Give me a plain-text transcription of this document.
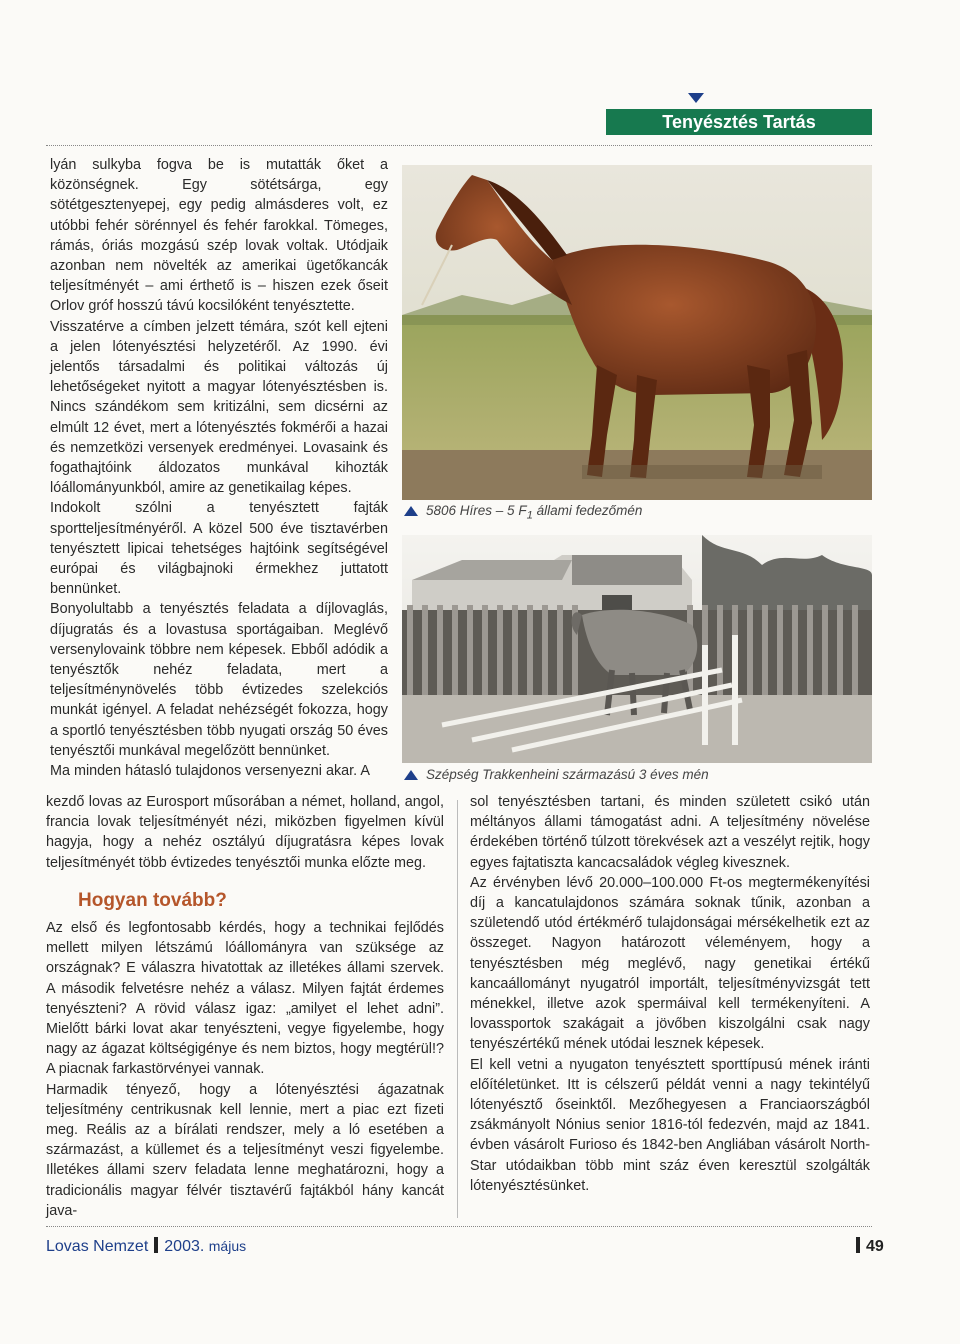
Tenyésztés Tartás

lyán sulkyba fogva be is mutatták őket a közönségnek. Egy sötétsárga, egy sötétgesztenyepej, egy pedig almásderes volt, ez utóbbi fehér sörénnyel és fehér farokkal. Tömeges, rámás, óriás mozgású szép lovak voltak. Utódjaik azonban nem növelték az amerikai ügetőkancák teljesítményét – ami érthető is – hiszen ezek őseit Orlov gróf hosszú távú kocsilóként tenyésztette.

Visszatérve a címben jelzett témára, szót kell ejteni a jelen lótenyésztési helyzetéről. Az 1990. évi jelentős társadalmi és politikai változás új lehetőségeket nyitott a magyar lótenyésztésben is. Nincs szándékom sem kritizálni, sem dicsérni az elmúlt 12 évet, mert a lótenyésztés fokmérői a hazai és nemzetközi versenyek eredményei. Lovasaink és fogathajtóink áldozatos munkával kihozták lóállományunkból, amire az genetikailag képes.

Indokolt szólni a tenyésztett fajták sportteljesítményéről. A közel 500 éve tisztavérben tenyésztett lipicai tehetséges hajtóink segítségével európai és világbajnoki érmekhez juttatott bennünket.

Bonyolultabb a tenyésztés feladata a díjlovaglás, díjugratás és a lovastusa sportágaiban. Meglévő versenylovaink többre nem képesek. Ebből adódik a tenyésztők nehéz feladata, mert a teljesítménynövelés több évtizedes szelekciós munkát igényel. A feladat nehézségét fokozza, hogy a sportló tenyésztésben több nyugati ország 50 éves tenyésztői munkával megelőzött bennünket.

Ma minden hátasló tulajdonos versenyezni akar. A

5806 Híres – 5 $F_1$ állami fedezőmén
Szépség Trakkenheini származású 3 éves mén

kezdő lovas az Eurosport műsorában a német, holland, angol, francia lovak teljesítményét nézi, miközben figyelmen kívül hagyja, hogy a nehéz osztályú díjugratásra képes lovak teljesítményét több évtizedes tenyésztői munka előzte meg.

Hogyan tovább?

Az első és legfontosabb kérdés, hogy a technikai fejlődés mellett milyen létszámú lóállományra van szüksége az országnak? E válaszra hivatottak az illetékes állami szervek. A második felvetésre nehéz a válasz. Milyen fajtát érdemes tenyészteni? A rövid válasz igaz: „amilyet el lehet adni”. Mielőtt bárki lovat akar tenyészteni, vegye figyelembe, hogy nagy az ágazat költségigénye és nem biztos, hogy megtérül!? A piacnak farkastörvényei vannak.

Harmadik tényező, hogy a lótenyésztési ágazatnak teljesítmény centrikusnak kell lennie, mert a piac ezt fizeti meg. Reális az a bírálati rendszer, mely a ló esetében a származást, a küllemet és a teljesítményt veszi figyelembe. Illetékes állami szerv feladata lenne meghatározni, hogy a tradicionális magyar félvér tisztavérű fajtákból hány kancát java-

sol tenyésztésben tartani, és minden született csikó után méltányos állami támogatást adni. A teljesítmény növelése érdekében történő túlzott törekvések azt a veszélyt rejtik, hogy egyes fajtatiszta kancacsaládok végleg kivesznek.

Az érvényben lévő 20.000–100.000 Ft-os megtermékenyítési díj a kancatulajdonos számára soknak tűnik, azonban a születendő utód értékmérő tulajdonságai mérsékelhetik ezt az összeget. Nagyon határozott véleményem, hogy a tenyésztésben még meglévő, nagy genetikai értékű kancaállományt nyugatról importált, teljesítményvizsgát tett ménekkel, illetve azok spermáival kell termékenyíteni. A lovassportok szakágait a jövőben kiszolgálni csak nagy tenyészértékű mének utódai lesznek képesek.

El kell vetni a nyugaton tenyésztett sporttípusú mének iránti előítéletünket. Itt is célszerű példát venni a nagy tekintélyű lótenyésztő őseinktől. Mezőhegyesen a Franciaországból zsákmányolt Nónius senior 1816-tól fedezvén, majd az 1841. évben vásárolt Furioso és 1842-ben Angliában vásárolt North-Star utódaikban több mint száz éven keresztül szolgálták lótenyésztésünket.

Lovas Nemzet 2003. május	49
